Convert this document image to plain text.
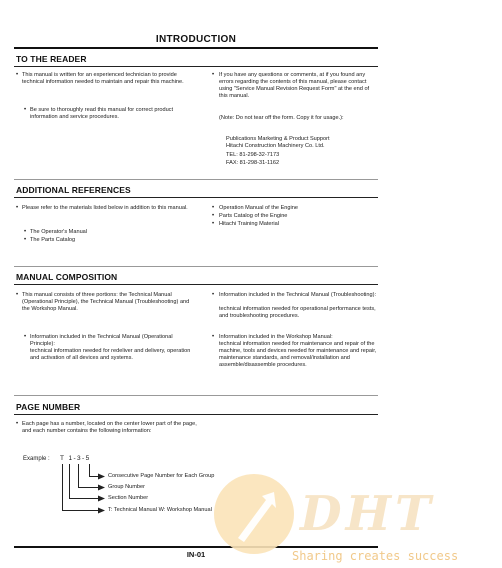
INTRODUCTION
TO THE READER
• This manual is written for an experienced technician to provide technical information needed to maintain and repair this machine.

• Be sure to thoroughly read this manual for correct product information and service procedures.

• If you have any questions or comments, at if you found any errors regarding the contents of this manual, please contact using "Service Manual Revision Request Form" at the end of this manual.

(Note: Do not tear off the form. Copy it for usage.):

Publications Marketing & Product Support

Hitachi Construction Machinery Co. Ltd.

TEL: 81-298-32-7173

FAX: 81-298-31-1162

ADDITIONAL REFERENCES
• Please refer to the materials listed below in addition to this manual.

• The Operator's Manual

• The Parts Catalog

• Operation Manual of the Engine

• Parts Catalog of the Engine

• Hitachi Training Material

MANUAL COMPOSITION
• This manual consists of three portions: the Technical Manual (Operational Principle), the Technical Manual (Troubleshooting) and the Workshop Manual.

• Information included in the Technical Manual (Operational Principle):

technical information needed for redeliver and delivery, operation and activation of all devices and systems.

• Information included in the Technical Manual (Troubleshooting):

technical information needed for operational performance tests, and troubleshooting procedures.

• Information included in the Workshop Manual:

technical information needed for maintenance and repair of the machine, tools and devices needed for maintenance and repair, maintenance standards, and removal/installation and assemble/disassemble procedures.

PAGE NUMBER
• Each page has a number, located on the center lower part of the page, and each number contains the following information:

Example : T 1-3-5
Consecutive Page Number for Each Group
Group Number
Section Number
T: Technical Manual W: Workshop Manual
IN-01
DHT
Sharing creates success
